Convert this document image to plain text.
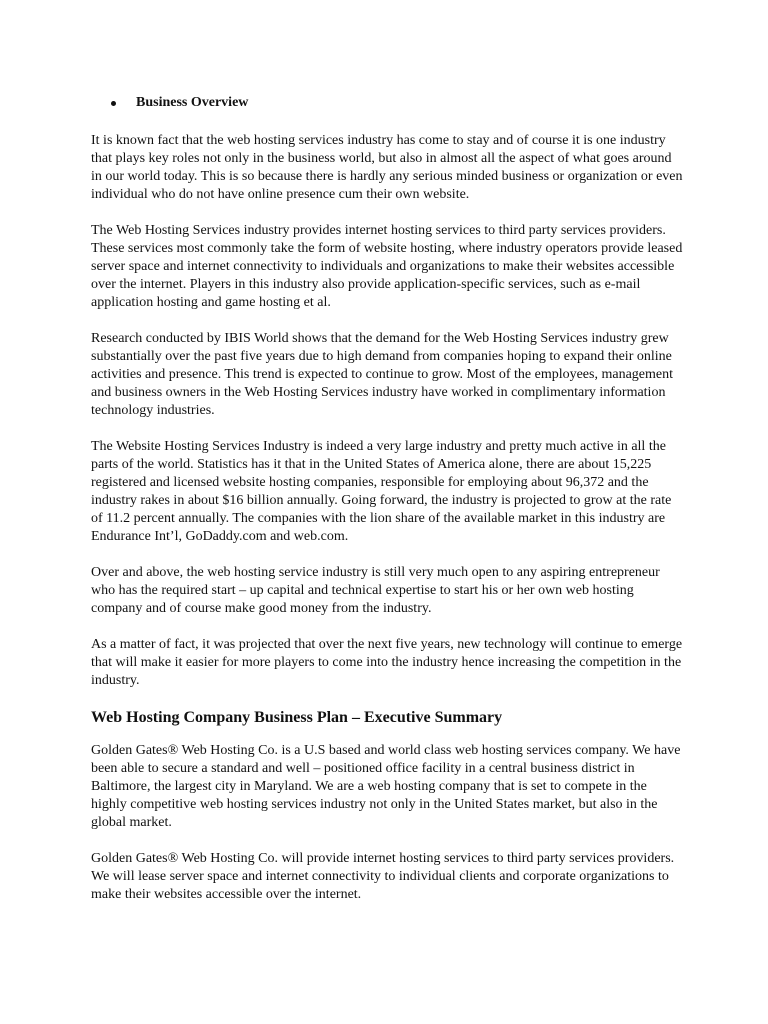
Business Overview

It is known fact that the web hosting services industry has come to stay and of course it is one industry that plays key roles not only in the business world, but also in almost all the aspect of what goes around in our world today. This is so because there is hardly any serious minded business or organization or even individual who do not have online presence cum their own website.

The Web Hosting Services industry provides internet hosting services to third party services providers. These services most commonly take the form of website hosting, where industry operators provide leased server space and internet connectivity to individuals and organizations to make their websites accessible over the internet. Players in this industry also provide application-specific services, such as e-mail application hosting and game hosting et al.

Research conducted by IBIS World shows that the demand for the Web Hosting Services industry grew substantially over the past five years due to high demand from companies hoping to expand their online activities and presence. This trend is expected to continue to grow. Most of the employees, management and business owners in the Web Hosting Services industry have worked in complimentary information technology industries.

The Website Hosting Services Industry is indeed a very large industry and pretty much active in all the parts of the world. Statistics has it that in the United States of America alone, there are about 15,225 registered and licensed website hosting companies, responsible for employing about 96,372 and the industry rakes in about $16 billion annually. Going forward, the industry is projected to grow at the rate of 11.2 percent annually. The companies with the lion share of the available market in this industry are Endurance Int’l, GoDaddy.com and web.com.

Over and above, the web hosting service industry is still very much open to any aspiring entrepreneur who has the required start – up capital and technical expertise to start his or her own web hosting company and of course make good money from the industry.

As a matter of fact, it was projected that over the next five years, new technology will continue to emerge that will make it easier for more players to come into the industry hence increasing the competition in the industry.

Web Hosting Company Business Plan – Executive Summary

Golden Gates® Web Hosting Co. is a U.S based and world class web hosting services company. We have been able to secure a standard and well – positioned office facility in a central business district in Baltimore, the largest city in Maryland. We are a web hosting company that is set to compete in the highly competitive web hosting services industry not only in the United States market, but also in the global market.

Golden Gates® Web Hosting Co. will provide internet hosting services to third party services providers. We will lease server space and internet connectivity to individual clients and corporate organizations to make their websites accessible over the internet.
